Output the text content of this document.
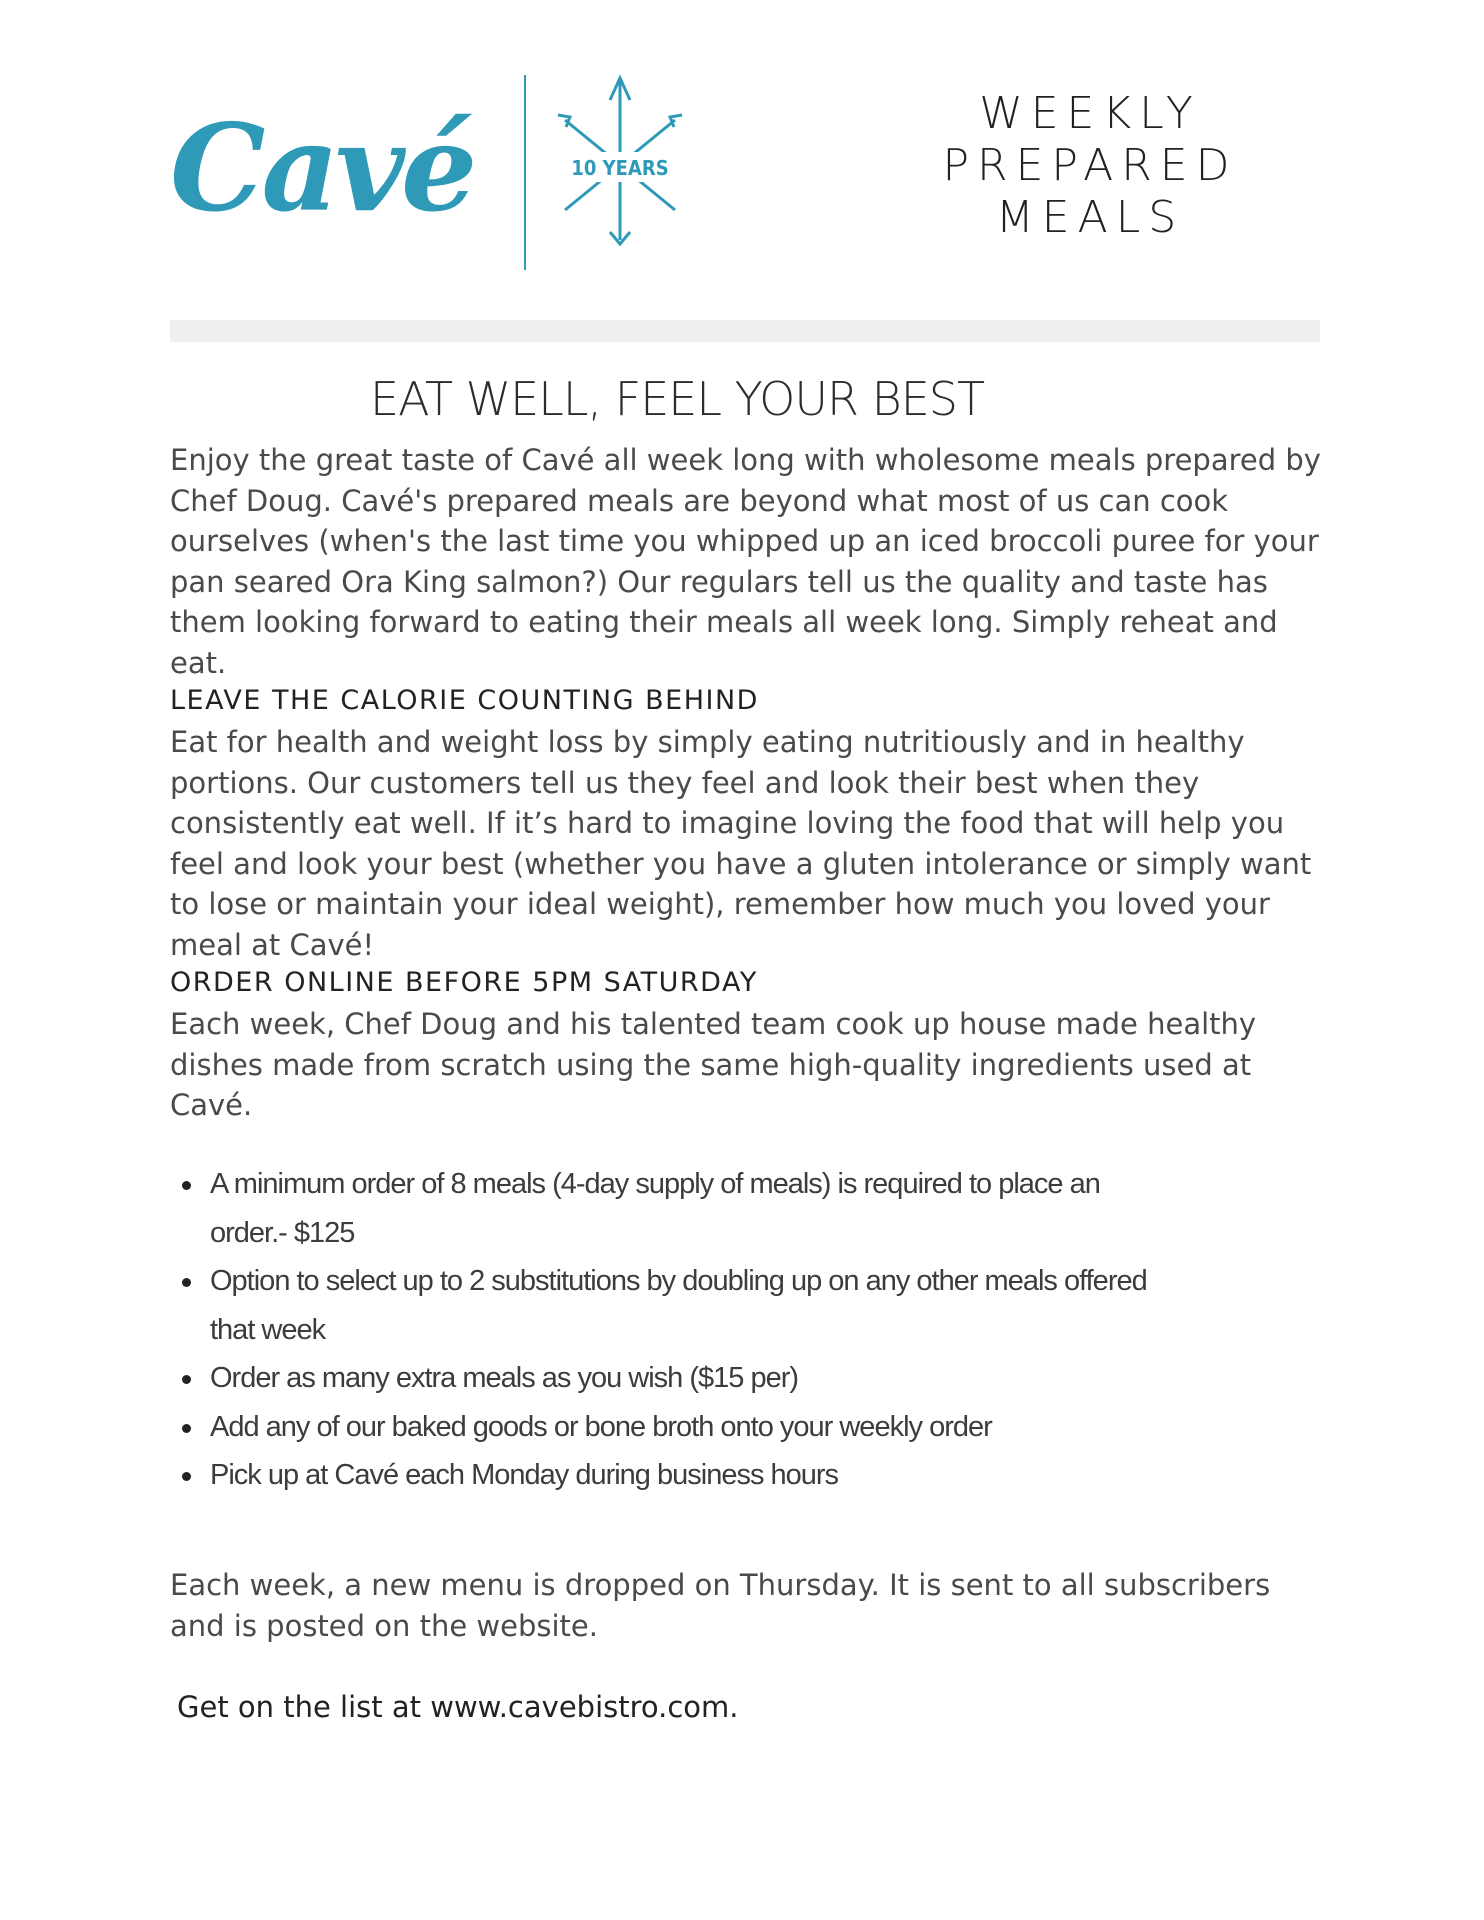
Cavé	10 YEARS
WEEKLY
PREPARED
MEALS
EAT WELL, FEEL YOUR BEST
Enjoy the great taste of Cavé all week long with wholesome meals prepared by Chef Doug. Cavé's prepared meals are beyond what most of us can cook ourselves (when's the last time you whipped up an iced broccoli puree for your pan seared Ora King salmon?) Our regulars tell us the quality and taste has them looking forward to eating their meals all week long. Simply reheat and eat.
LEAVE THE CALORIE COUNTING BEHIND
Eat for health and weight loss by simply eating nutritiously and in healthy portions. Our customers tell us they feel and look their best when they consistently eat well. If it’s hard to imagine loving the food that will help you feel and look your best (whether you have a gluten intolerance or simply want to lose or maintain your ideal weight), remember how much you loved your meal at Cavé!
ORDER ONLINE BEFORE 5PM SATURDAY
Each week, Chef Doug and his talented team cook up house made healthy dishes made from scratch using the same high-quality ingredients used at Cavé.
A minimum order of 8 meals (4-day supply of meals) is required to place an order.- $125
Option to select up to 2 substitutions by doubling up on any other meals offered that week
Order as many extra meals as you wish ($15 per)
Add any of our baked goods or bone broth onto your weekly order
Pick up at Cavé each Monday during business hours
Each week, a new menu is dropped on Thursday. It is sent to all subscribers and is posted on the website.
Get on the list at www.cavebistro.com.
